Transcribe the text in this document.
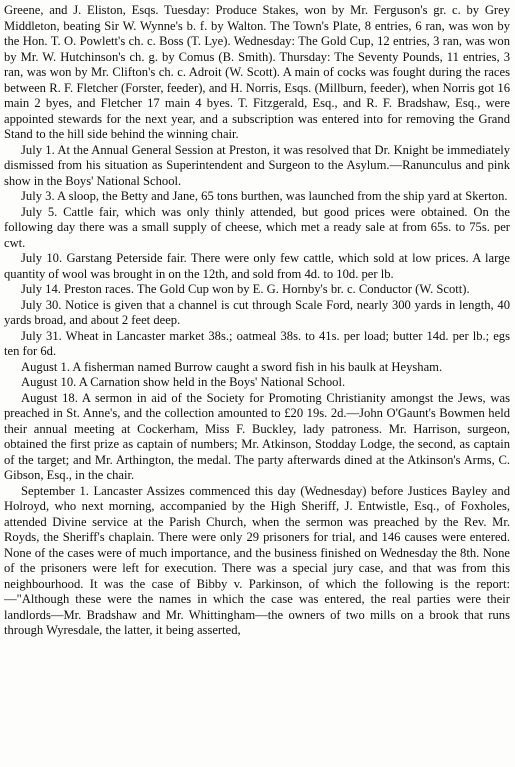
Greene, and J. Eliston, Esqs. Tuesday: Produce Stakes, won by Mr. Ferguson's gr. c. by Grey Middleton, beating Sir W. Wynne's b. f. by Walton. The Town's Plate, 8 entries, 6 ran, was won by the Hon. T. O. Powlett's ch. c. Boss (T. Lye). Wednesday: The Gold Cup, 12 entries, 3 ran, was won by Mr. W. Hutchinson's ch. g. by Comus (B. Smith). Thursday: The Seventy Pounds, 11 entries, 3 ran, was won by Mr. Clifton's ch. c. Adroit (W. Scott). A main of cocks was fought during the races between R. F. Fletcher (Forster, feeder), and H. Norris, Esqs. (Millburn, feeder), when Norris got 16 main 2 byes, and Fletcher 17 main 4 byes. T. Fitzgerald, Esq., and R. F. Bradshaw, Esq., were appointed stewards for the next year, and a subscription was entered into for removing the Grand Stand to the hill side behind the winning chair.

July 1. At the Annual General Session at Preston, it was resolved that Dr. Knight be immediately dismissed from his situation as Superintendent and Surgeon to the Asylum.—Ranunculus and pink show in the Boys' National School.

July 3. A sloop, the Betty and Jane, 65 tons burthen, was launched from the ship yard at Skerton.

July 5. Cattle fair, which was only thinly attended, but good prices were obtained. On the following day there was a small supply of cheese, which met a ready sale at from 65s. to 75s. per cwt.

July 10. Garstang Peterside fair. There were only few cattle, which sold at low prices. A large quantity of wool was brought in on the 12th, and sold from 4d. to 10d. per lb.

July 14. Preston races. The Gold Cup won by E. G. Hornby's br. c. Conductor (W. Scott).

July 30. Notice is given that a channel is cut through Scale Ford, nearly 300 yards in length, 40 yards broad, and about 2 feet deep.

July 31. Wheat in Lancaster market 38s.; oatmeal 38s. to 41s. per load; butter 14d. per lb.; egs ten for 6d.

August 1. A fisherman named Burrow caught a sword fish in his baulk at Heysham.

August 10. A Carnation show held in the Boys' National School.

August 18. A sermon in aid of the Society for Promoting Christianity amongst the Jews, was preached in St. Anne's, and the collection amounted to £20 19s. 2d.—John O'Gaunt's Bowmen held their annual meeting at Cockerham, Miss F. Buckley, lady patroness. Mr. Harrison, surgeon, obtained the first prize as captain of numbers; Mr. Atkinson, Stodday Lodge, the second, as captain of the target; and Mr. Arthington, the medal. The party afterwards dined at the Atkinson's Arms, C. Gibson, Esq., in the chair.

September 1. Lancaster Assizes commenced this day (Wednesday) before Justices Bayley and Holroyd, who next morning, accompanied by the High Sheriff, J. Entwistle, Esq., of Foxholes, attended Divine service at the Parish Church, when the sermon was preached by the Rev. Mr. Royds, the Sheriff's chaplain. There were only 29 prisoners for trial, and 146 causes were entered. None of the cases were of much importance, and the business finished on Wednesday the 8th. None of the prisoners were left for execution. There was a special jury case, and that was from this neighbourhood. It was the case of Bibby v. Parkinson, of which the following is the report:—"Although these were the names in which the case was entered, the real parties were their landlords—Mr. Bradshaw and Mr. Whittingham—the owners of two mills on a brook that runs through Wyresdale, the latter, it being asserted,
